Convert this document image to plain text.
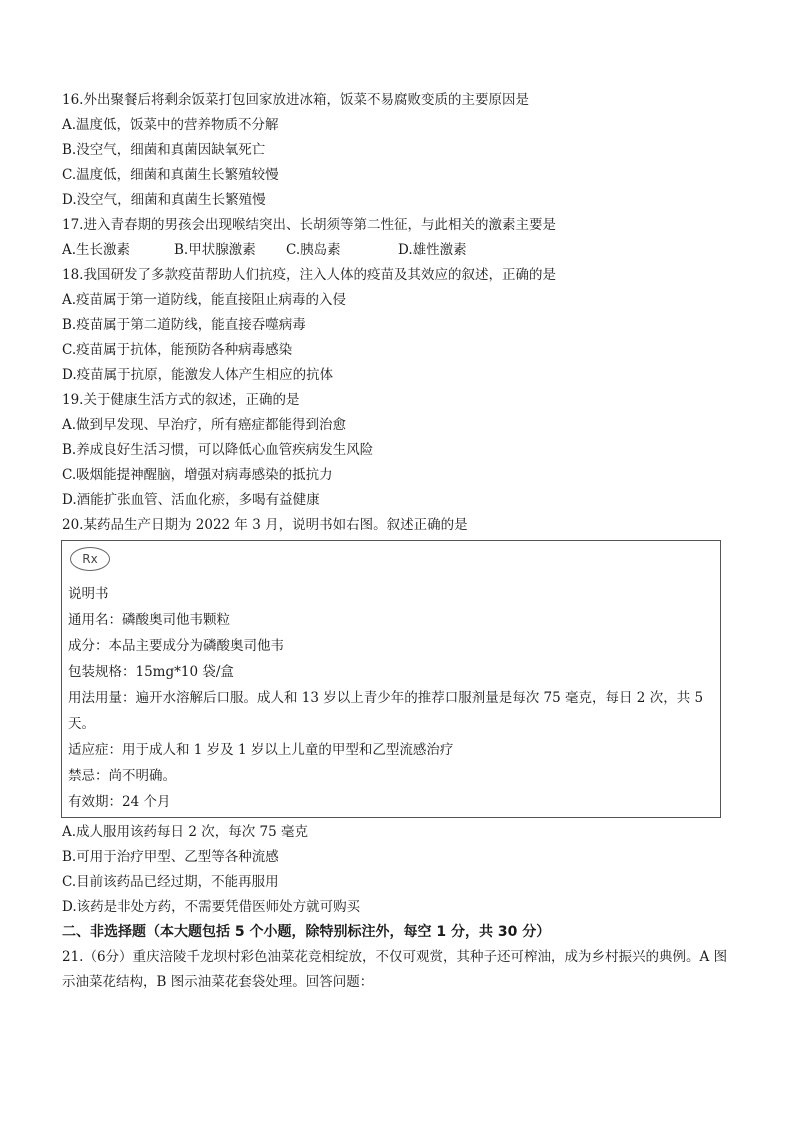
16.外出聚餐后将剩余饭菜打包回家放进冰箱，饭菜不易腐败变质的主要原因是
A.温度低，饭菜中的营养物质不分解
B.没空气，细菌和真菌因缺氧死亡
C.温度低，细菌和真菌生长繁殖较慢
D.没空气，细菌和真菌生长繁殖慢
17.进入青春期的男孩会出现喉结突出、长胡须等第二性征，与此相关的激素主要是
A.生长激素	B.甲状腺激素	C.胰岛素	D.雄性激素
18.我国研发了多款疫苗帮助人们抗疫，注入人体的疫苗及其效应的叙述，正确的是
A.疫苗属于第一道防线，能直接阻止病毒的入侵
B.疫苗属于第二道防线，能直接吞噬病毒
C.疫苗属于抗体，能预防各种病毒感染
D.疫苗属于抗原，能激发人体产生相应的抗体
19.关于健康生活方式的叙述，正确的是
A.做到早发现、早治疗，所有癌症都能得到治愈
B.养成良好生活习惯，可以降低心血管疾病发生风险
C.吸烟能提神醒脑，增强对病毒感染的抵抗力
D.酒能扩张血管、活血化瘀，多喝有益健康
20.某药品生产日期为 2022 年 3 月，说明书如右图。叙述正确的是
Rx
说明书
通用名：磷酸奥司他韦颗粒
成分：本品主要成分为磷酸奥司他韦
包装规格：15mg*10 袋/盒
用法用量：遍开水溶解后口服。成人和 13 岁以上青少年的推荐口服剂量是每次 75 毫克，每日 2 次，共 5 天。
适应症：用于成人和 1 岁及 1 岁以上儿童的甲型和乙型流感治疗
禁忌：尚不明确。
有效期：24 个月
A.成人服用该药每日 2 次，每次 75 毫克
B.可用于治疗甲型、乙型等各种流感
C.目前该药品已经过期，不能再服用
D.该药是非处方药，不需要凭借医师处方就可购买
二、非选择题（本大题包括 5 个小题，除特别标注外，每空 1 分，共 30 分）
21.（6分）重庆涪陵千龙坝村彩色油菜花竞相绽放，不仅可观赏，其种子还可榨油，成为乡村振兴的典例。A 图示油菜花结构，B 图示油菜花套袋处理。回答问题：
